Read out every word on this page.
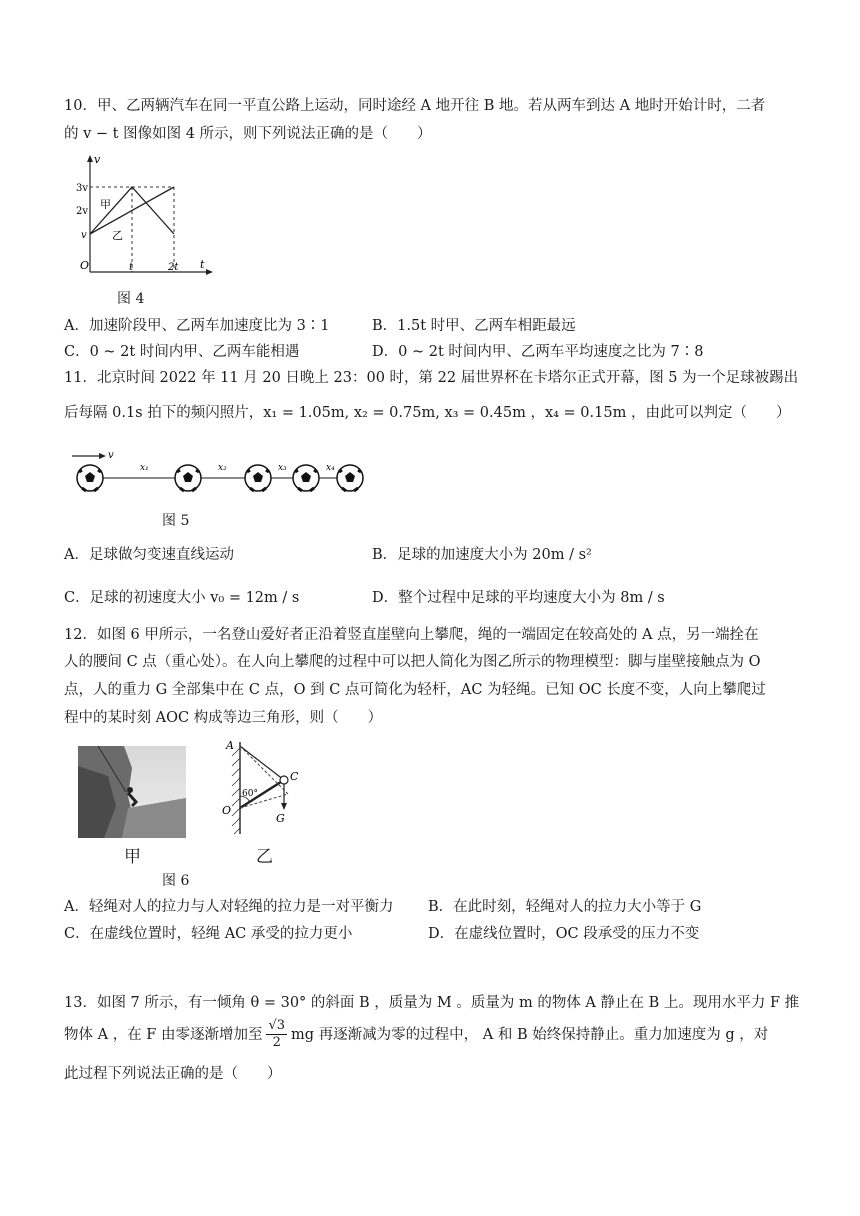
10．甲、乙两辆汽车在同一平直公路上运动，同时途经 A 地开往 B 地。若从两车到达 A 地时开始计时，二者
的 v − t 图像如图 4 所示，则下列说法正确的是（　　）
v
t
O
3v
2v
v
t	2t
甲
乙
图 4
A．加速阶段甲、乙两车加速度比为 3∶1	B．1.5t 时甲、乙两车相距最远
C．0 ~ 2t 时间内甲、乙两车能相遇	D．0 ~ 2t 时间内甲、乙两车平均速度之比为 7∶8
11．北京时间 2022 年 11 月 20 日晚上 23：00 时，第 22 届世界杯在卡塔尔正式开幕，图 5 为一个足球被踢出
后每隔 0.1s 拍下的频闪照片，x₁ = 1.05m, x₂ = 0.75m, x₃ = 0.45m ，x₄ = 0.15m ，由此可以判定（　　）
v
x₁	x₂	x₃	x₄
图 5
A．足球做匀变速直线运动	B．足球的加速度大小为 20m / s²
C．足球的初速度大小 v₀ = 12m / s	D．整个过程中足球的平均速度大小为 8m / s
12．如图 6 甲所示，一名登山爱好者正沿着竖直崖壁向上攀爬，绳的一端固定在较高处的 A 点，另一端拴在
人的腰间 C 点（重心处）。在人向上攀爬的过程中可以把人简化为图乙所示的物理模型：脚与崖壁接触点为 O
点，人的重力 G 全部集中在 C 点，O 到 C 点可简化为轻杆，AC 为轻绳。已知 OC 长度不变，人向上攀爬过
程中的某时刻 AOC 构成等边三角形，则（　　）
甲
A
C
O
G
60°
乙
图 6
A．轻绳对人的拉力与人对轻绳的拉力是一对平衡力 B．在此时刻，轻绳对人的拉力大小等于 G
C．在虚线位置时，轻绳 AC 承受的拉力更小	D．在虚线位置时，OC 段承受的压力不变
13．如图 7 所示，有一倾角 θ = 30° 的斜面 B ，质量为 M 。质量为 m 的物体 A 静止在 B 上。现用水平力 F 推
物体 A ，在 F 由零逐渐增加至 $\frac{√3}{2}$ mg 再逐渐减为零的过程中， A 和 B 始终保持静止。重力加速度为 g ，对
此过程下列说法正确的是（　　）
